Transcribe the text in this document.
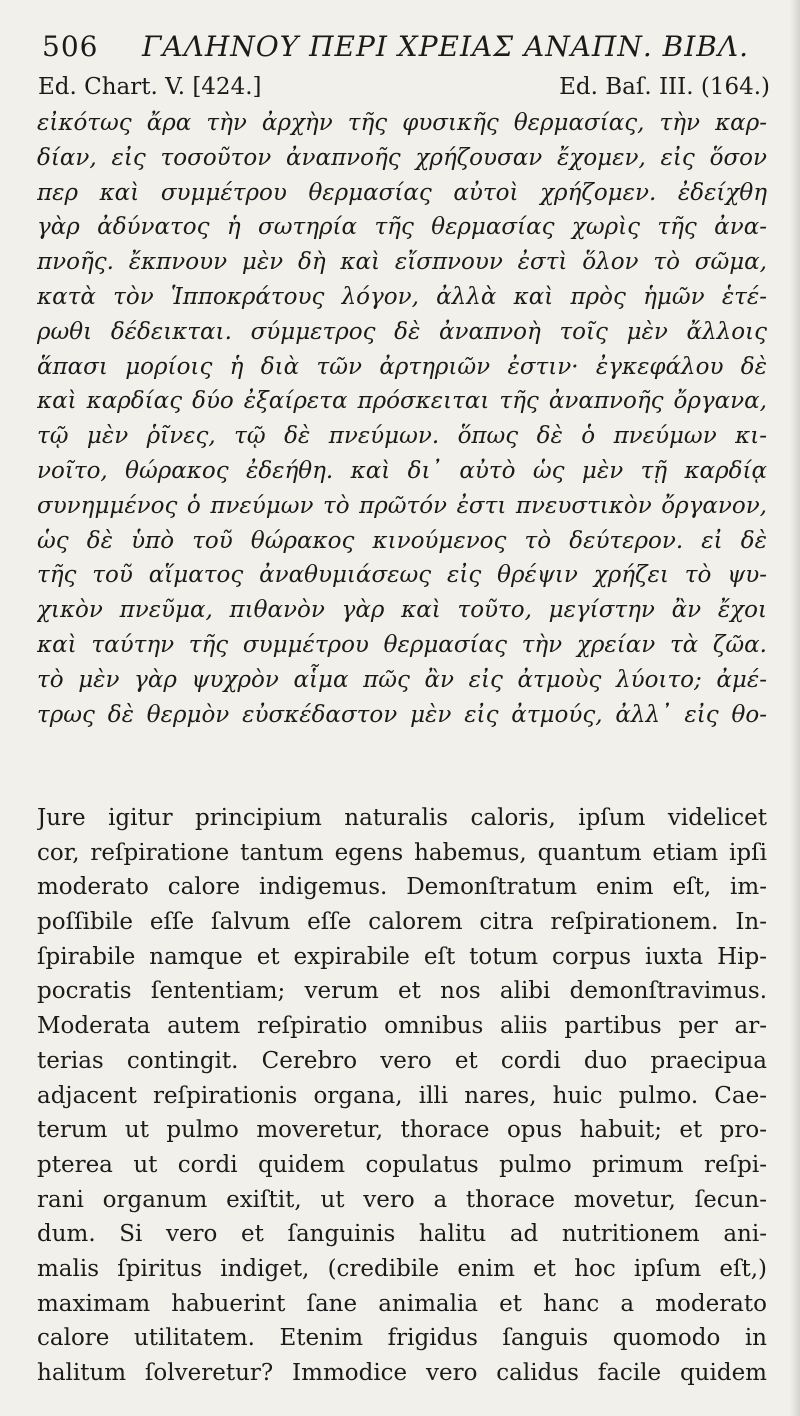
506 ΓΑΛΗΝΟΥ ΠΕΡΙ ΧΡΕΙΑΣ ΑΝΑΠΝ. ΒΙΒΛ.
Ed. Chart. V. [424.]	Ed. Baſ. III. (164.)
εἰκότως ἄρα τὴν ἀρχὴν τῆς φυσικῆς θερμασίας, τὴν καρ-
δίαν, εἰς τοσοῦτον ἀναπνοῆς χρήζουσαν ἔχομεν, εἰς ὅσον
περ καὶ συμμέτρου θερμασίας αὐτοὶ χρήζομεν. ἐδείχθη
γὰρ ἀδύνατος ἡ σωτηρία τῆς θερμασίας χωρὶς τῆς ἀνα-
πνοῆς. ἔκπνουν μὲν δὴ καὶ εἴσπνουν ἐστὶ ὅλον τὸ σῶμα,
κατὰ τὸν Ἱπποκράτους λόγον, ἀλλὰ καὶ πρὸς ἡμῶν ἑτέ-
ρωθι δέδεικται. σύμμετρος δὲ ἀναπνοὴ τοῖς μὲν ἄλλοις
ἅπασι μορίοις ἡ διὰ τῶν ἀρτηριῶν ἐστιν· ἐγκεφάλου δὲ
καὶ καρδίας δύο ἐξαίρετα πρόσκειται τῆς ἀναπνοῆς ὄργανα,
τῷ μὲν ῥῖνες, τῷ δὲ πνεύμων. ὅπως δὲ ὁ πνεύμων κι-
νοῖτο, θώρακος ἐδεήθη. καὶ δι᾽ αὐτὸ ὡς μὲν τῇ καρδίᾳ
συνημμένος ὁ πνεύμων τὸ πρῶτόν ἐστι πνευστικὸν ὄργανον,
ὡς δὲ ὑπὸ τοῦ θώρακος κινούμενος τὸ δεύτερον. εἰ δὲ
τῆς τοῦ αἵματος ἀναθυμιάσεως εἰς θρέψιν χρήζει τὸ ψυ-
χικὸν πνεῦμα, πιθανὸν γὰρ καὶ τοῦτο, μεγίστην ἂν ἔχοι
καὶ ταύτην τῆς συμμέτρου θερμασίας τὴν χρείαν τὰ ζῶα.
τὸ μὲν γὰρ ψυχρὸν αἷμα πῶς ἂν εἰς ἀτμοὺς λύοιτο; ἀμέ-
τρως δὲ θερμὸν εὐσκέδαστον μὲν εἰς ἀτμούς, ἀλλ᾽ εἰς θο-
Jure igitur principium naturalis caloris, ipſum videlicet
cor, reſpiratione tantum egens habemus, quantum etiam ipſi
moderato calore indigemus. Demonſtratum enim eſt, im-
poſſibile eſſe ſalvum eſſe calorem citra reſpirationem. In-
ſpirabile namque et expirabile eſt totum corpus iuxta Hip-
pocratis ſententiam; verum et nos alibi demonſtravimus.
Moderata autem reſpiratio omnibus aliis partibus per ar-
terias contingit. Cerebro vero et cordi duo praecipua
adjacent reſpirationis organa, illi nares, huic pulmo. Cae-
terum ut pulmo moveretur, thorace opus habuit; et pro-
pterea ut cordi quidem copulatus pulmo primum reſpi-
rani organum exiſtit, ut vero a thorace movetur, ſecun-
dum. Si vero et ſanguinis halitu ad nutritionem ani-
malis ſpiritus indiget, (credibile enim et hoc ipſum eſt,)
maximam habuerint ſane animalia et hanc a moderato
calore utilitatem. Etenim frigidus ſanguis quomodo in
halitum ſolveretur? Immodice vero calidus facile quidem
